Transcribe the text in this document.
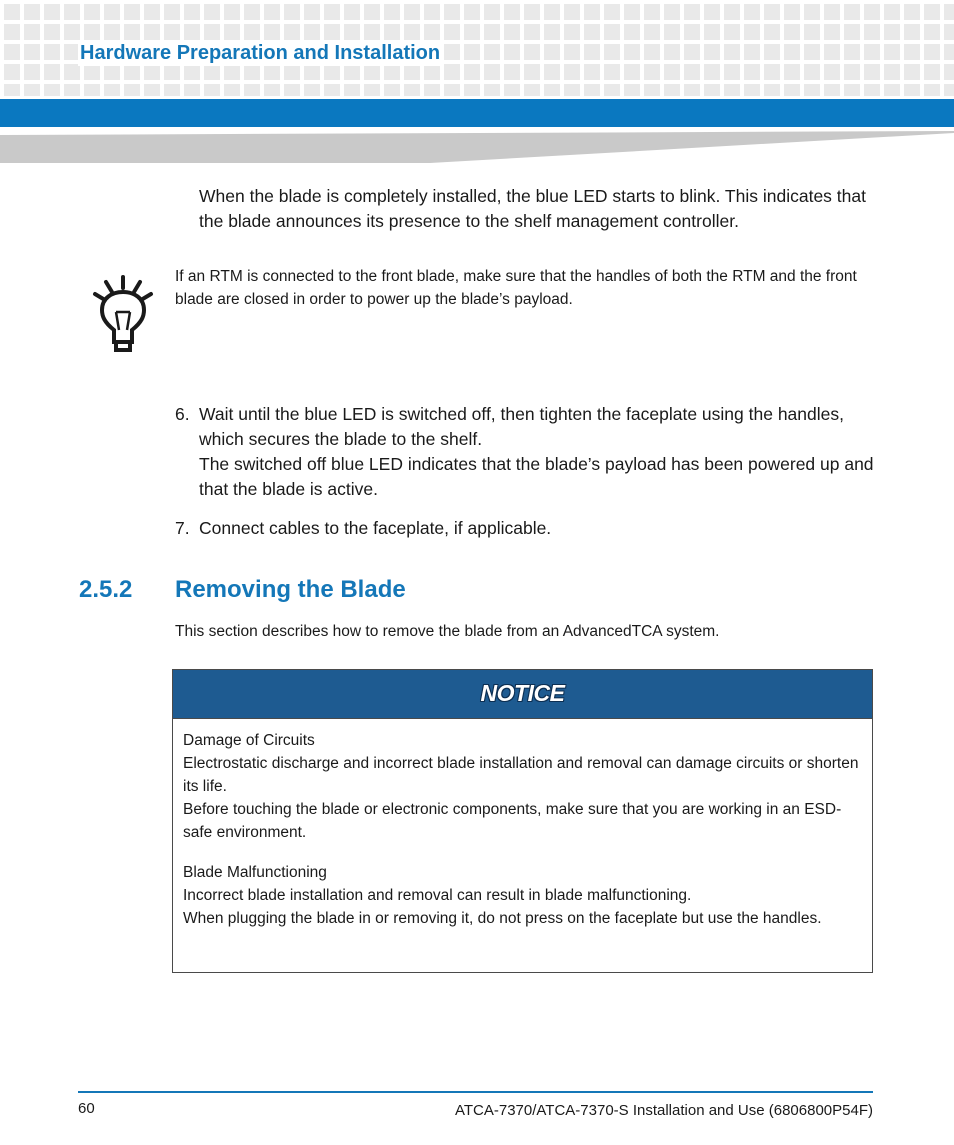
Hardware Preparation and Installation
When the blade is completely installed, the blue LED starts to blink. This indicates that the blade announces its presence to the shelf management controller.
If an RTM is connected to the front blade, make sure that the handles of both the RTM and the front blade are closed in order to power up the blade’s payload.
6. Wait until the blue LED is switched off, then tighten the faceplate using the handles, which secures the blade to the shelf.
The switched off blue LED indicates that the blade’s payload has been powered up and that the blade is active.
7. Connect cables to the faceplate, if applicable.
2.5.2 Removing the Blade
This section describes how to remove the blade from an AdvancedTCA system.
NOTICE

Damage of Circuits

Electrostatic discharge and incorrect blade installation and removal can damage circuits or shorten its life.

Before touching the blade or electronic components, make sure that you are working in an ESD-safe environment.

Blade Malfunctioning

Incorrect blade installation and removal can result in blade malfunctioning.

When plugging the blade in or removing it, do not press on the faceplate but use the handles.

60	ATCA-7370/ATCA-7370-S Installation and Use (6806800P54F)
